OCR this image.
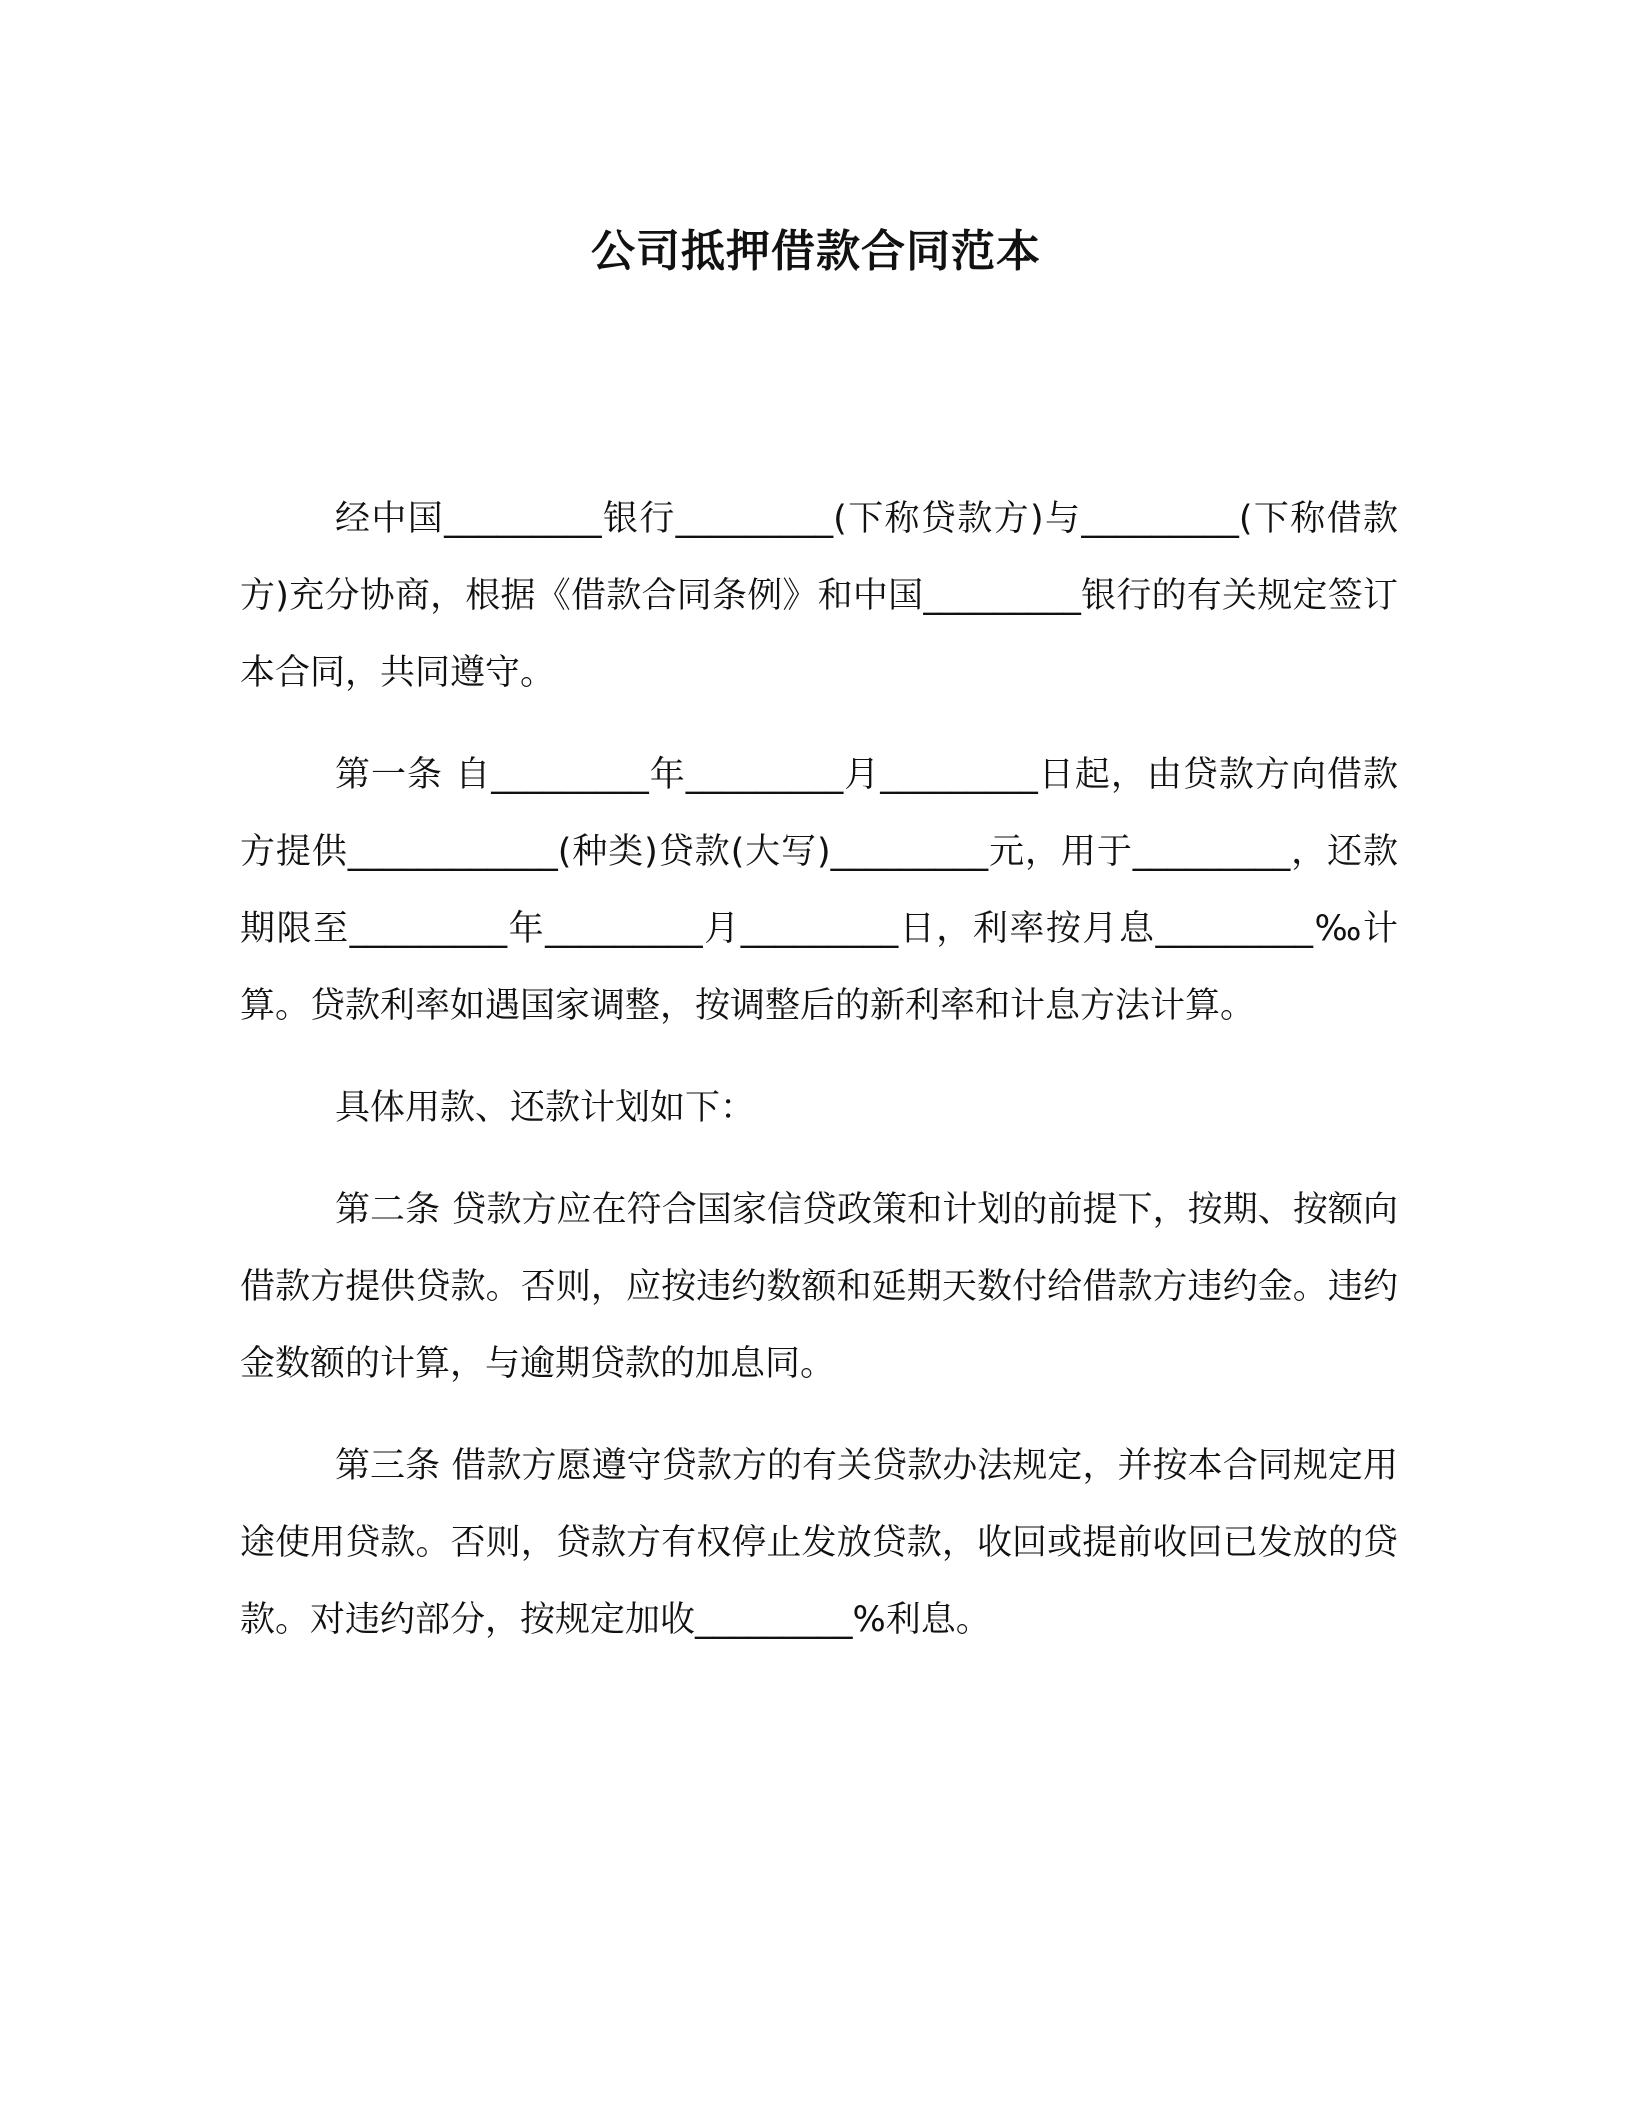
公司抵押借款合同范本

经中国_________银行_________(下称贷款方)与_________(下称借款方)充分协商，根据《借款合同条例》和中国_________银行的有关规定签订本合同，共同遵守。

第一条 自_________年_________月_________日起，由贷款方向借款方提供____________(种类)贷款(大写)_________元，用于_________，还款期限至_________年_________月_________日，利率按月息_________‰计算。贷款利率如遇国家调整，按调整后的新利率和计息方法计算。

具体用款、还款计划如下：

第二条 贷款方应在符合国家信贷政策和计划的前提下，按期、按额向借款方提供贷款。否则，应按违约数额和延期天数付给借款方违约金。违约金数额的计算，与逾期贷款的加息同。

第三条 借款方愿遵守贷款方的有关贷款办法规定，并按本合同规定用途使用贷款。否则，贷款方有权停止发放贷款，收回或提前收回已发放的贷款。对违约部分，按规定加收_________%利息。
